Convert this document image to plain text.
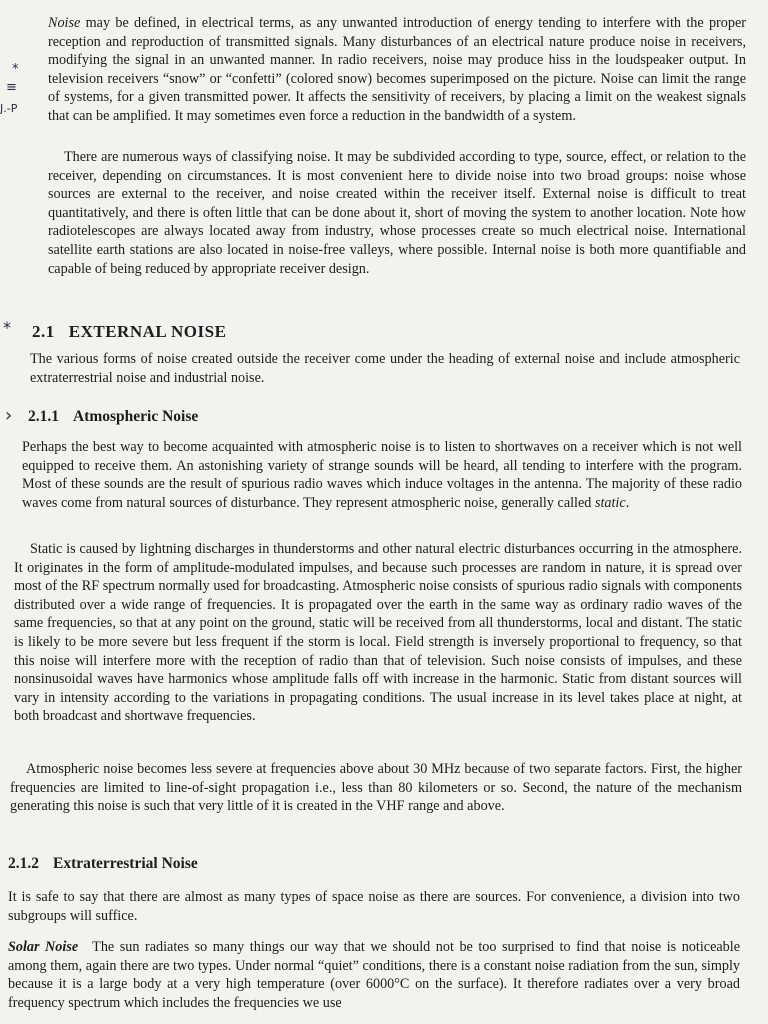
*
≡
J.-P
*
›

Noise may be defined, in electrical terms, as any unwanted introduction of energy tending to interfere with the proper reception and reproduction of transmitted signals. Many disturbances of an electrical nature produce noise in receivers, modifying the signal in an unwanted manner. In radio receivers, noise may produce hiss in the loudspeaker output. In television receivers “snow” or “confetti” (colored snow) becomes superimposed on the picture. Noise can limit the range of systems, for a given transmitted power. It affects the sensitivity of receivers, by placing a limit on the weakest signals that can be amplified. It may sometimes even force a reduction in the bandwidth of a system.

There are numerous ways of classifying noise. It may be subdivided according to type, source, effect, or relation to the receiver, depending on circumstances. It is most convenient here to divide noise into two broad groups: noise whose sources are external to the receiver, and noise created within the receiver itself. External noise is difficult to treat quantitatively, and there is often little that can be done about it, short of moving the system to another location. Note how radiotelescopes are always located away from industry, whose processes create so much electrical noise. International satellite earth stations are also located in noise-free valleys, where possible. Internal noise is both more quantifiable and capable of being reduced by appropriate receiver design.

2.1 EXTERNAL NOISE

The various forms of noise created outside the receiver come under the heading of external noise and include atmospheric extraterrestrial noise and industrial noise.

2.1.1 Atmospheric Noise

Perhaps the best way to become acquainted with atmospheric noise is to listen to shortwaves on a receiver which is not well equipped to receive them. An astonishing variety of strange sounds will be heard, all tending to interfere with the program. Most of these sounds are the result of spurious radio waves which induce voltages in the antenna. The majority of these radio waves come from natural sources of disturbance. They represent atmospheric noise, generally called static.

Static is caused by lightning discharges in thunderstorms and other natural electric disturbances occurring in the atmosphere. It originates in the form of amplitude-modulated impulses, and because such processes are random in nature, it is spread over most of the RF spectrum normally used for broadcasting. Atmospheric noise consists of spurious radio signals with components distributed over a wide range of frequencies. It is propagated over the earth in the same way as ordinary radio waves of the same frequencies, so that at any point on the ground, static will be received from all thunderstorms, local and distant. The static is likely to be more severe but less frequent if the storm is local. Field strength is inversely proportional to frequency, so that this noise will interfere more with the reception of radio than that of television. Such noise consists of impulses, and these nonsinusoidal waves have harmonics whose amplitude falls off with increase in the harmonic. Static from distant sources will vary in intensity according to the variations in propagating conditions. The usual increase in its level takes place at night, at both broadcast and shortwave frequencies.

Atmospheric noise becomes less severe at frequencies above about 30 MHz because of two separate factors. First, the higher frequencies are limited to line-of-sight propagation i.e., less than 80 kilometers or so. Second, the nature of the mechanism generating this noise is such that very little of it is created in the VHF range and above.

2.1.2 Extraterrestrial Noise

It is safe to say that there are almost as many types of space noise as there are sources. For convenience, a division into two subgroups will suffice.

Solar Noise The sun radiates so many things our way that we should not be too surprised to find that noise is noticeable among them, again there are two types. Under normal “quiet” conditions, there is a constant noise radiation from the sun, simply because it is a large body at a very high temperature (over 6000°C on the surface). It therefore radiates over a very broad frequency spectrum which includes the frequencies we use
